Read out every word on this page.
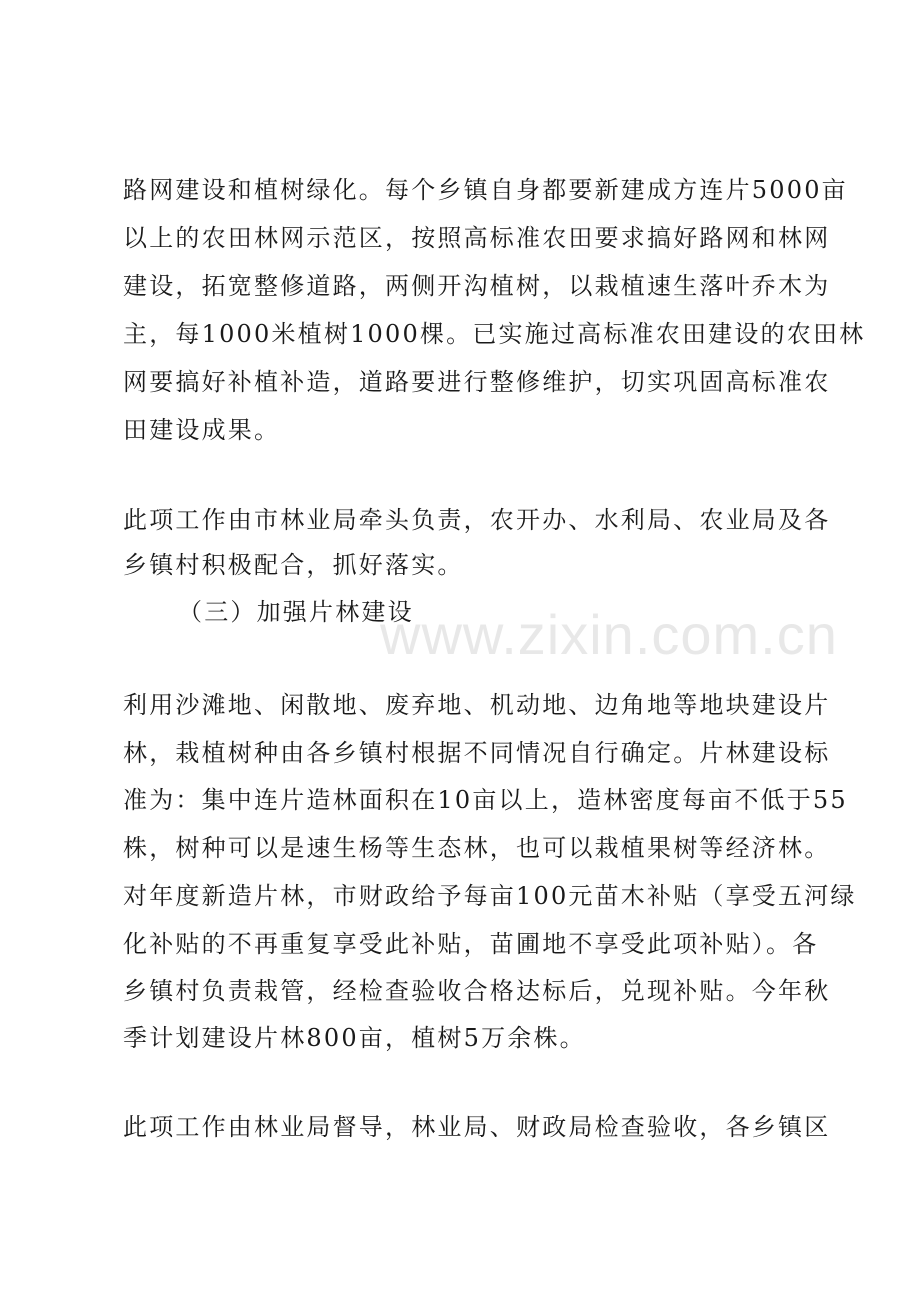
路网建设和植树绿化。每个乡镇自身都要新建成方连片5000亩
以上的农田林网示范区，按照高标准农田要求搞好路网和林网
建设，拓宽整修道路，两侧开沟植树，以栽植速生落叶乔木为
主，每1000米植树1000棵。已实施过高标准农田建设的农田林
网要搞好补植补造，道路要进行整修维护，切实巩固高标准农
田建设成果。
此项工作由市林业局牵头负责，农开办、水利局、农业局及各
乡镇村积极配合，抓好落实。
（三）加强片林建设
www.zixin.com.cn
利用沙滩地、闲散地、废弃地、机动地、边角地等地块建设片
林，栽植树种由各乡镇村根据不同情况自行确定。片林建设标
准为：集中连片造林面积在10亩以上，造林密度每亩不低于55
株，树种可以是速生杨等生态林，也可以栽植果树等经济林。
对年度新造片林，市财政给予每亩100元苗木补贴（享受五河绿
化补贴的不再重复享受此补贴，苗圃地不享受此项补贴）。各
乡镇村负责栽管，经检查验收合格达标后，兑现补贴。今年秋
季计划建设片林800亩，植树5万余株。
此项工作由林业局督导，林业局、财政局检查验收，各乡镇区
